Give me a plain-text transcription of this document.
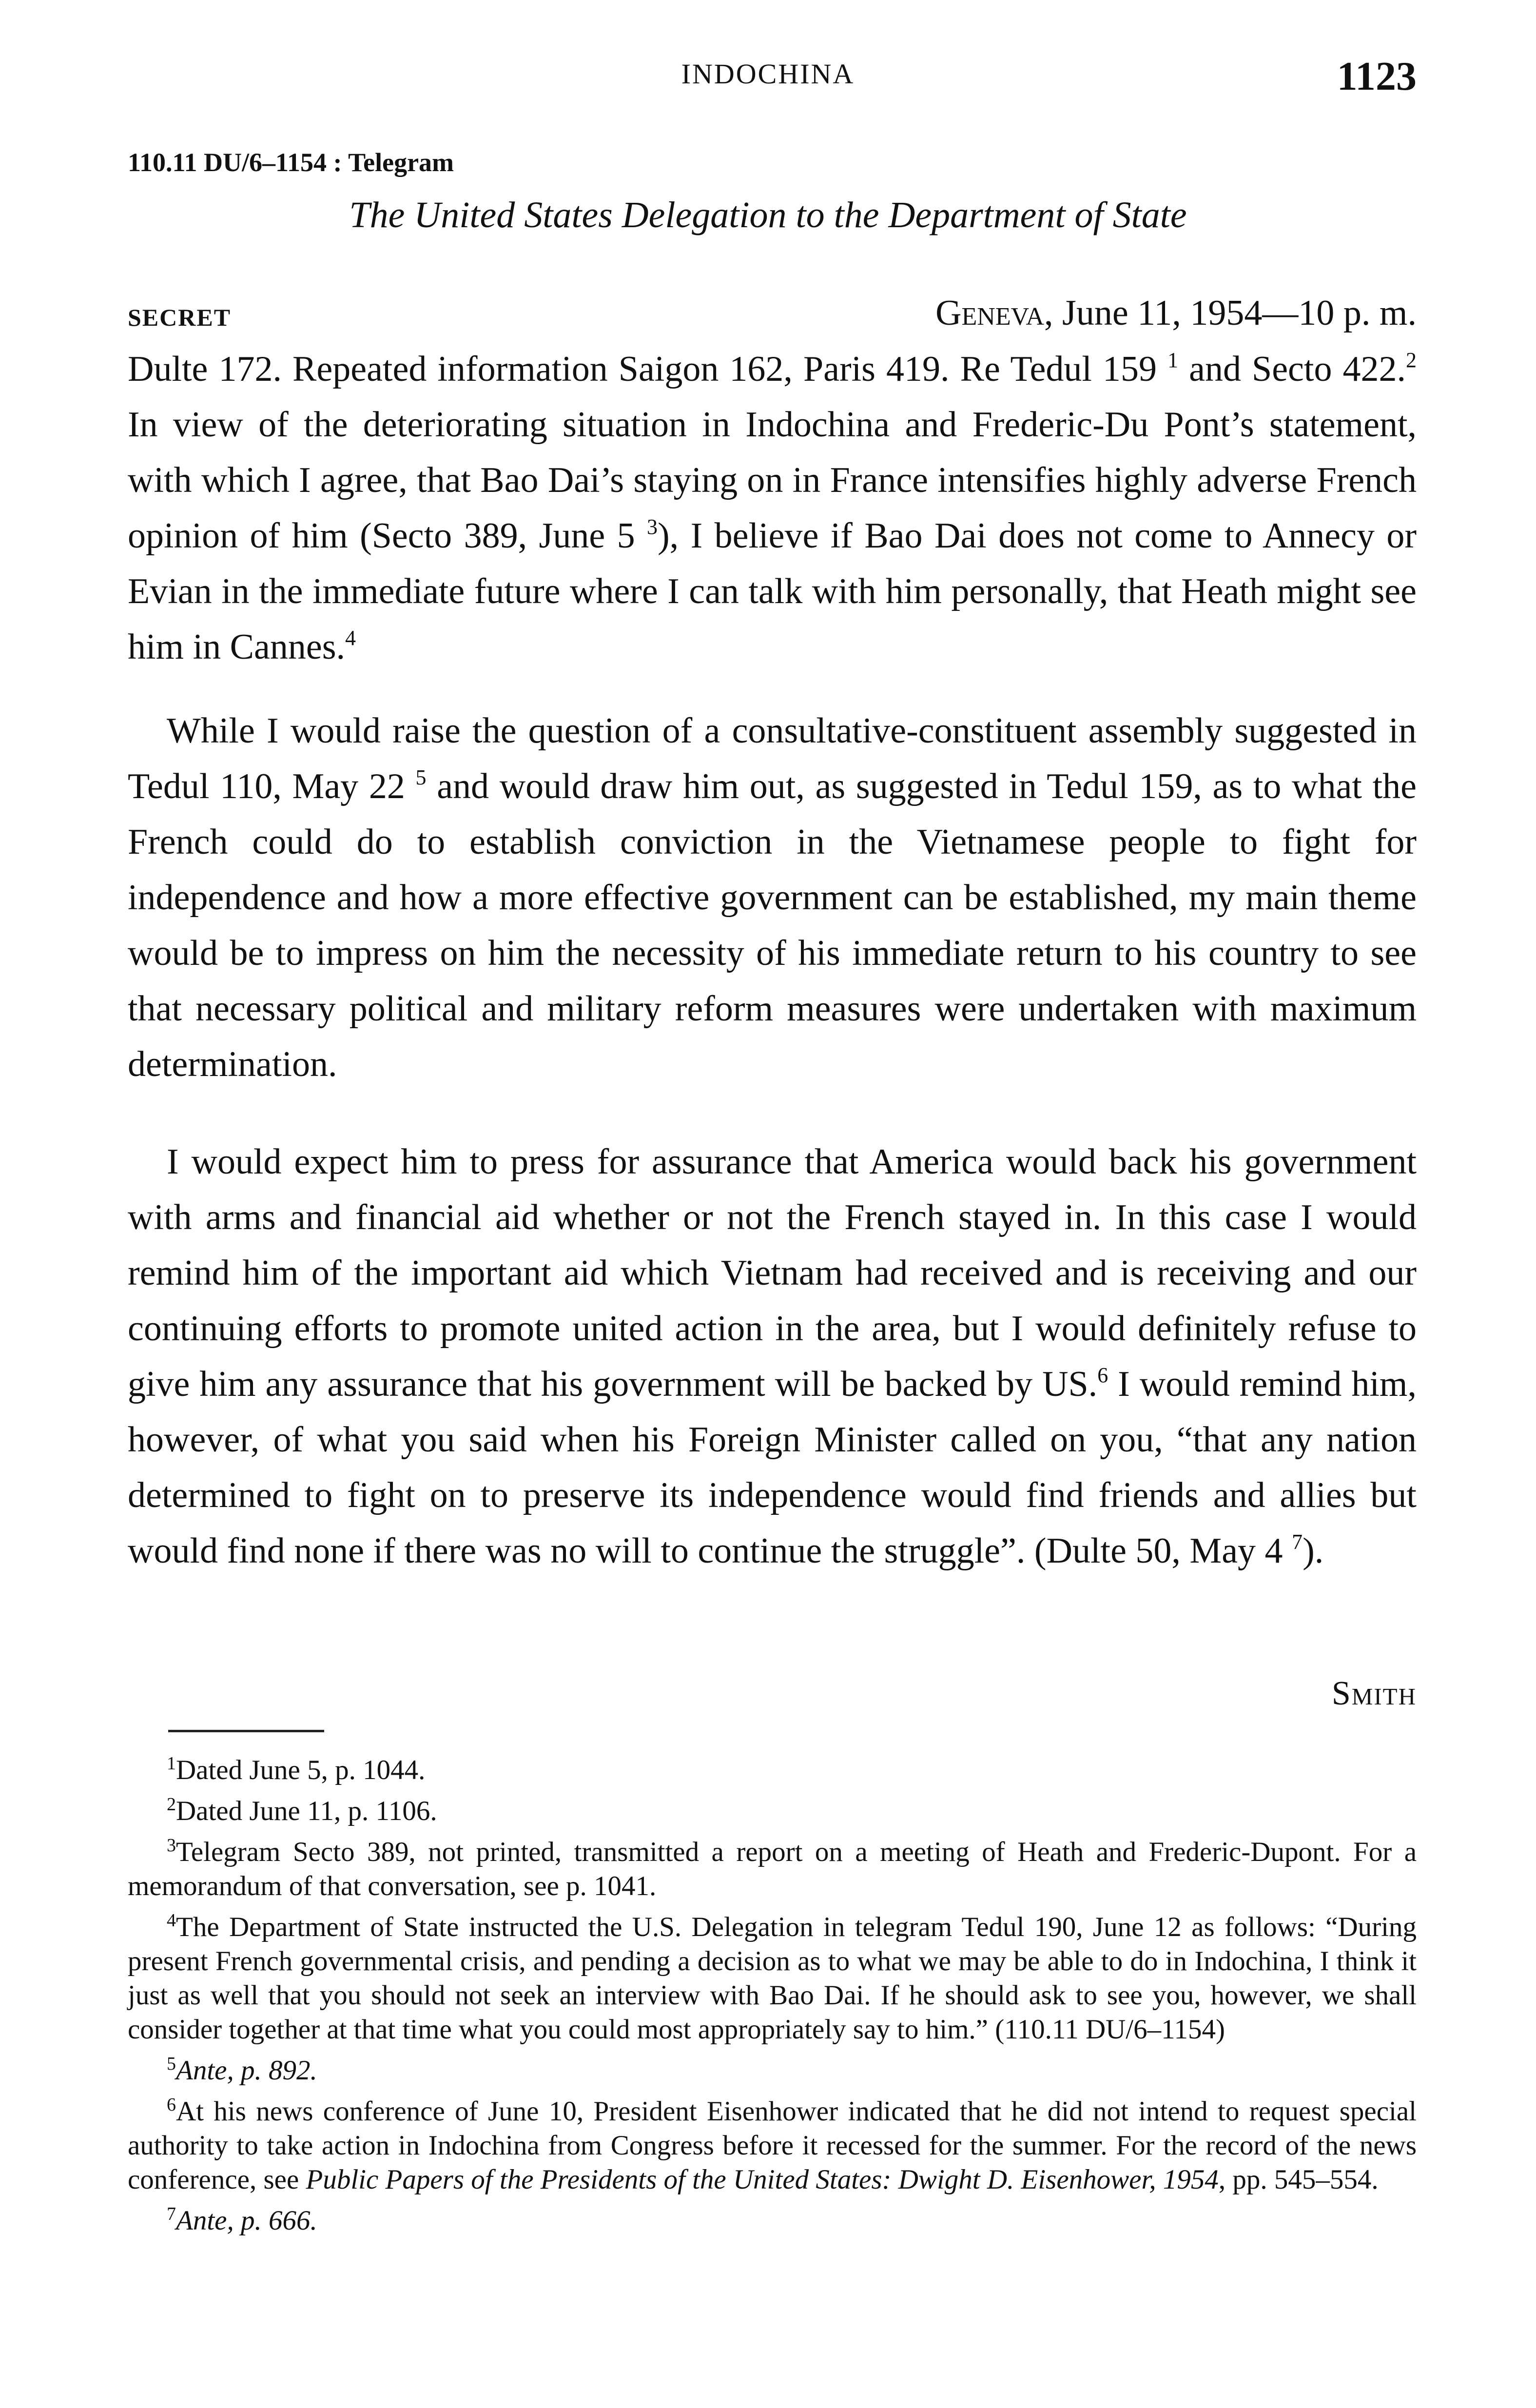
INDOCHINA	1123
110.11 DU/6–1154 : Telegram
The United States Delegation to the Department of State
SECRET	Geneva, June 11, 1954—10 p. m.

Dulte 172. Repeated information Saigon 162, Paris 419. Re Tedul 159 $^1$ and Secto 422.$^2$ In view of the deteriorating situation in Indochina and Frederic-Du Pont’s statement, with which I agree, that Bao Dai’s staying on in France intensifies highly adverse French opinion of him (Secto 389, June 5 $^3$), I believe if Bao Dai does not come to Annecy or Evian in the immediate future where I can talk with him personally, that Heath might see him in Cannes.$^4$

While I would raise the question of a consultative-constituent assembly suggested in Tedul 110, May 22 $^5$ and would draw him out, as suggested in Tedul 159, as to what the French could do to establish conviction in the Vietnamese people to fight for independence and how a more effective government can be established, my main theme would be to impress on him the necessity of his immediate return to his country to see that necessary political and military reform measures were undertaken with maximum determination.

I would expect him to press for assurance that America would back his government with arms and financial aid whether or not the French stayed in. In this case I would remind him of the important aid which Vietnam had received and is receiving and our continuing efforts to promote united action in the area, but I would definitely refuse to give him any assurance that his government will be backed by US.$^6$ I would remind him, however, of what you said when his Foreign Minister called on you, “that any nation determined to fight on to preserve its independence would find friends and allies but would find none if there was no will to continue the struggle”. (Dulte 50, May 4 $^7$).

Smith

$^1$Dated June 5, p. 1044.

$^2$Dated June 11, p. 1106.

$^3$Telegram Secto 389, not printed, transmitted a report on a meeting of Heath and Frederic-Dupont. For a memorandum of that conversation, see p. 1041.

$^4$The Department of State instructed the U.S. Delegation in telegram Tedul 190, June 12 as follows: “During present French governmental crisis, and pending a decision as to what we may be able to do in Indochina, I think it just as well that you should not seek an interview with Bao Dai. If he should ask to see you, however, we shall consider together at that time what you could most appropriately say to him.” (110.11 DU/6–1154)

$^5$Ante, p. 892.

$^6$At his news conference of June 10, President Eisenhower indicated that he did not intend to request special authority to take action in Indochina from Congress before it recessed for the summer. For the record of the news conference, see Public Papers of the Presidents of the United States: Dwight D. Eisenhower, 1954, pp. 545–554.

$^7$Ante, p. 666.
